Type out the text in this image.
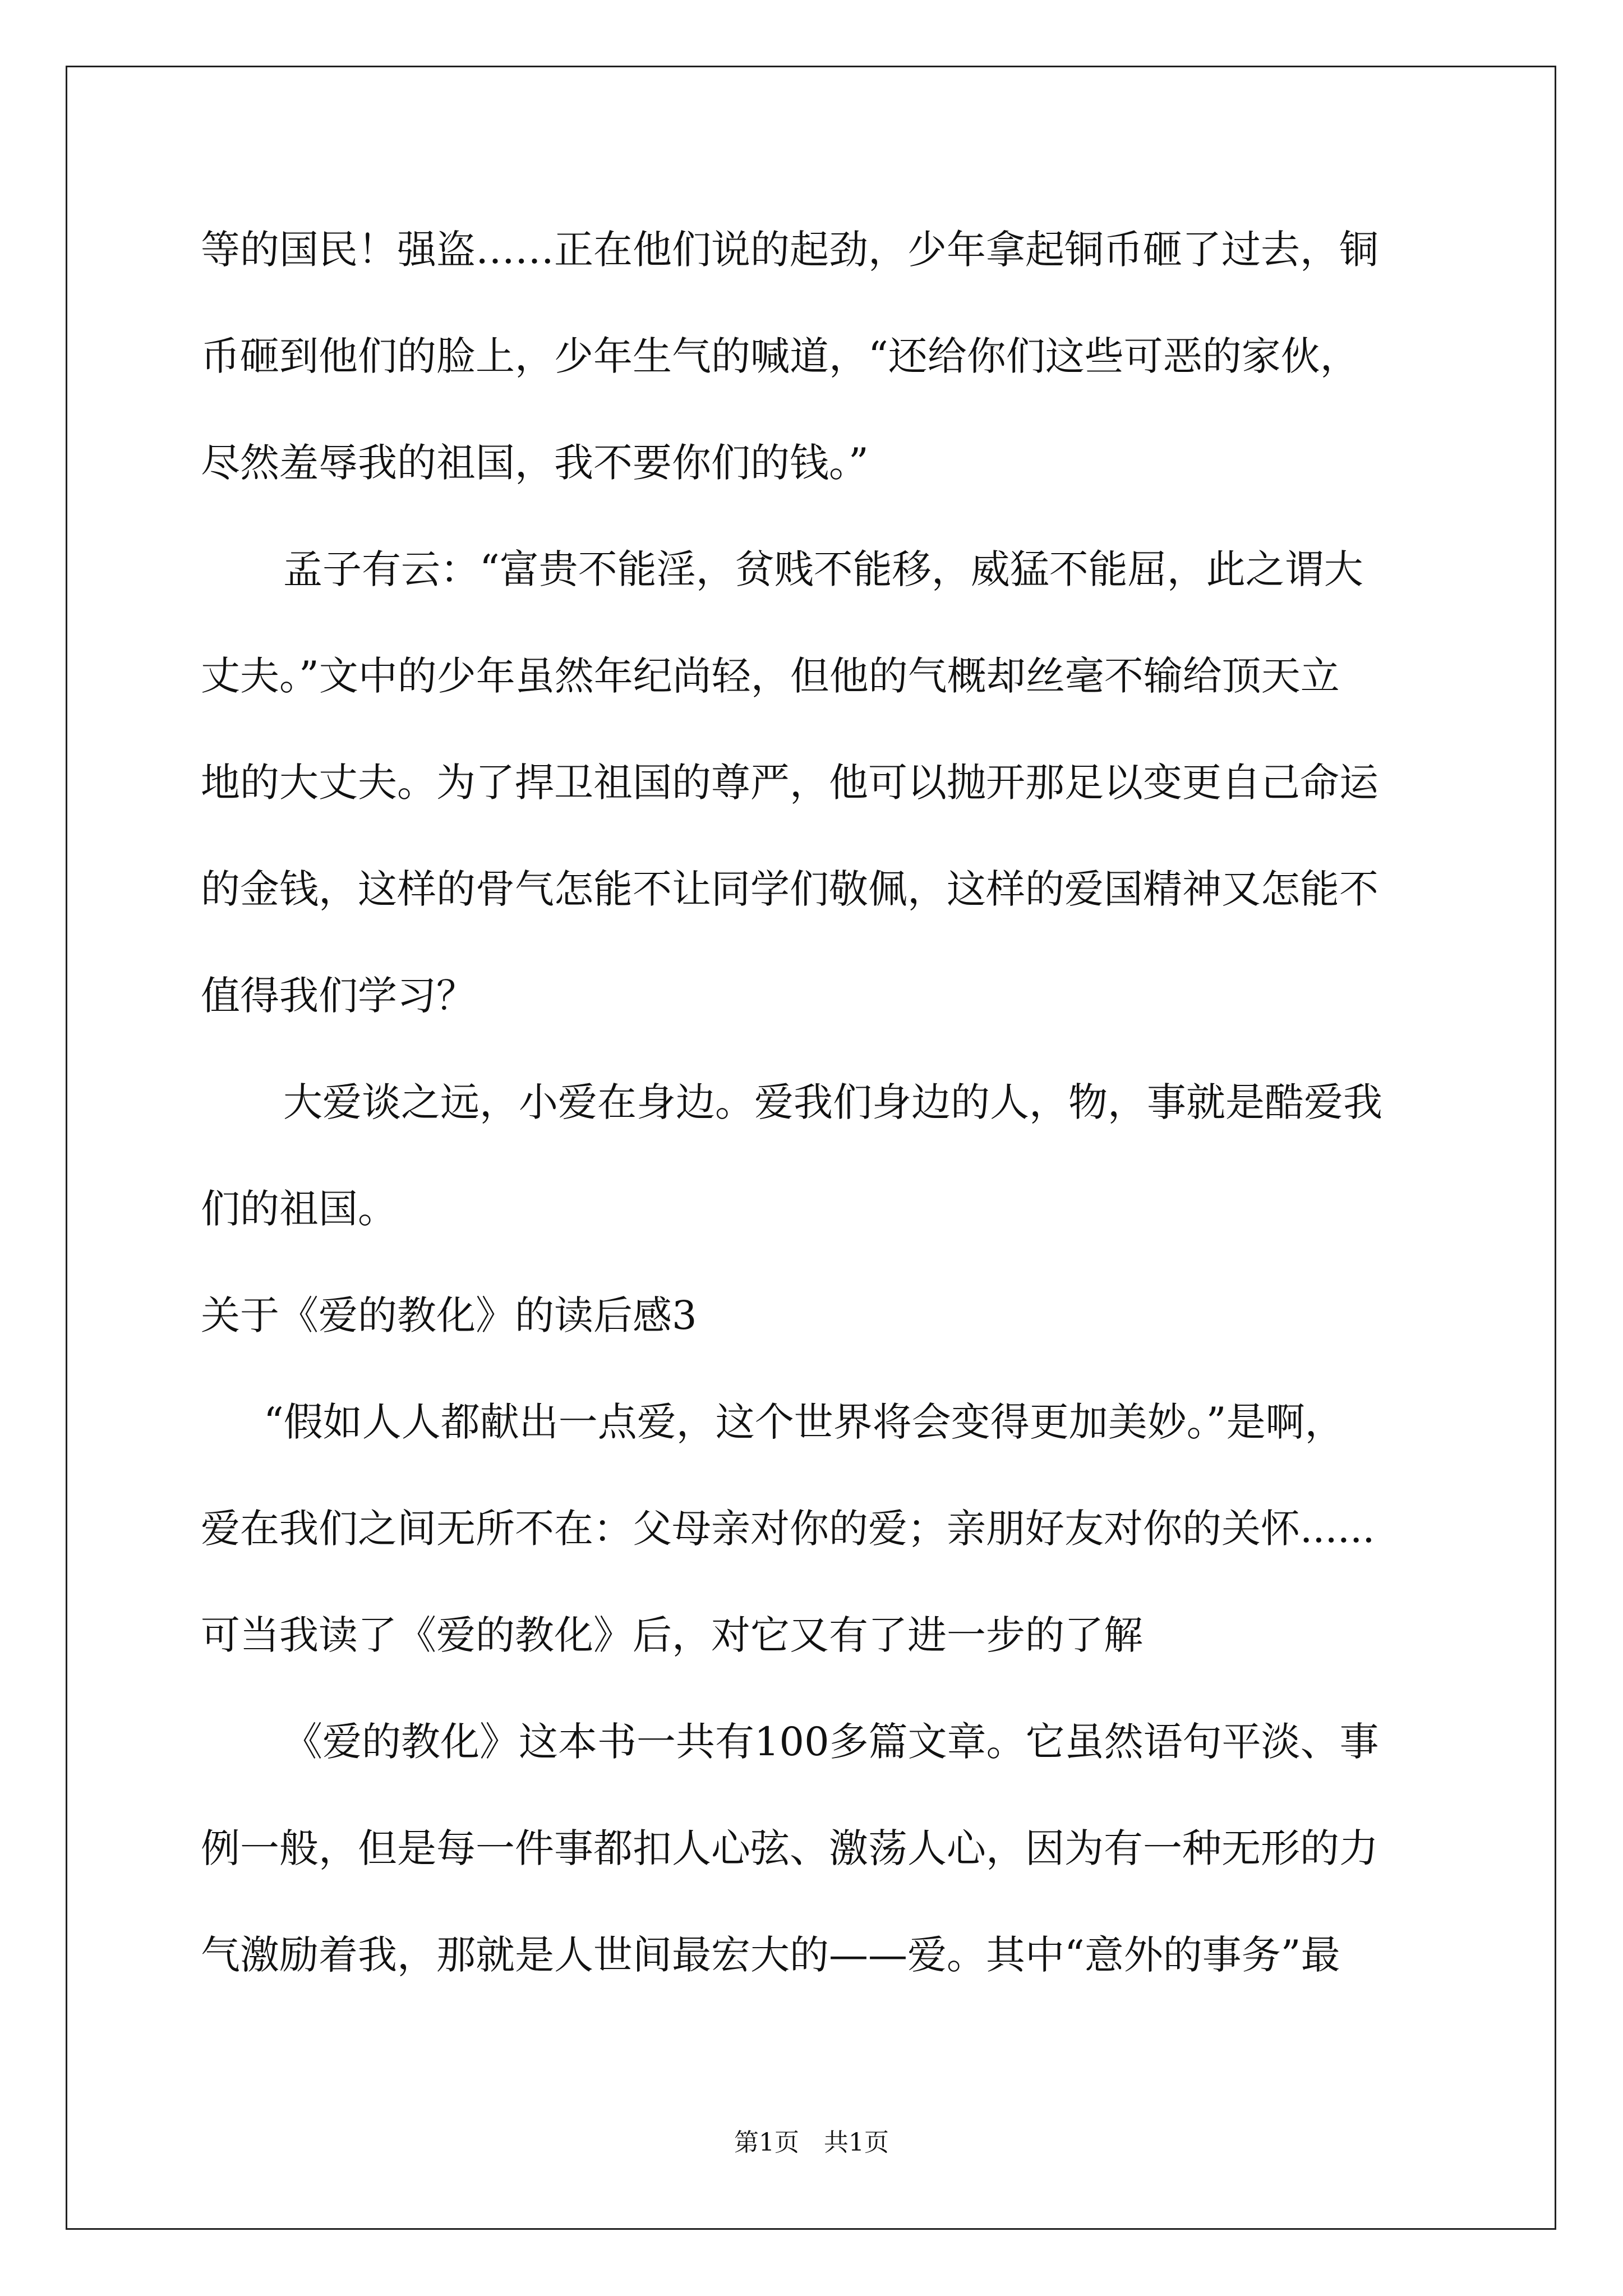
等的国民！强盗……正在他们说的起劲，少年拿起铜币砸了过去，铜
币砸到他们的脸上，少年生气的喊道，“还给你们这些可恶的家伙，
尽然羞辱我的祖国，我不要你们的钱。”
孟子有云：“富贵不能淫，贫贱不能移，威猛不能屈，此之谓大
丈夫。”文中的少年虽然年纪尚轻，但他的气概却丝毫不输给顶天立
地的大丈夫。为了捍卫祖国的尊严，他可以抛开那足以变更自己命运
的金钱，这样的骨气怎能不让同学们敬佩，这样的爱国精神又怎能不
值得我们学习？
大爱谈之远，小爱在身边。爱我们身边的人，物，事就是酷爱我
们的祖国。
关于《爱的教化》的读后感3
“假如人人都献出一点爱，这个世界将会变得更加美妙。”是啊，
爱在我们之间无所不在：父母亲对你的爱；亲朋好友对你的关怀......
可当我读了《爱的教化》后，对它又有了进一步的了解
《爱的教化》这本书一共有100多篇文章。它虽然语句平淡、事
例一般，但是每一件事都扣人心弦、激荡人心，因为有一种无形的力
气激励着我，那就是人世间最宏大的——爱。其中“意外的事务”最
第1页　共1页
